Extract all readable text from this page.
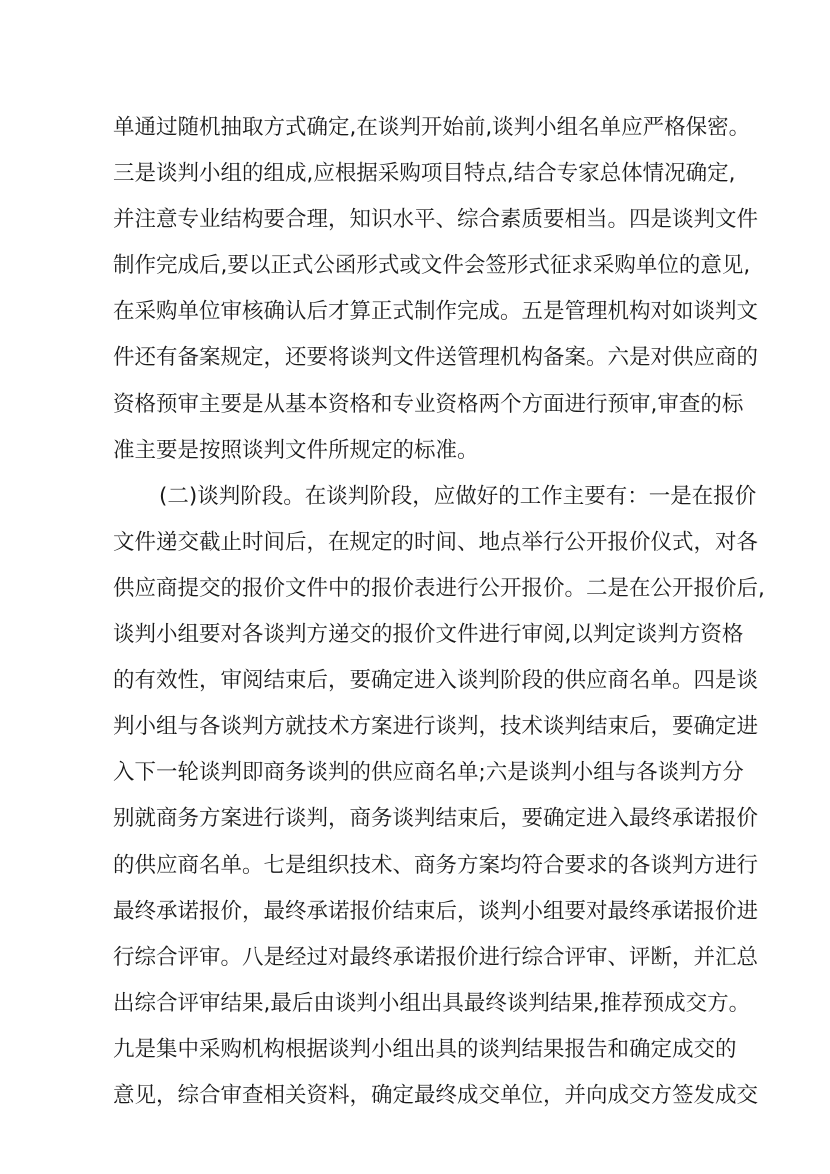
单通过随机抽取方式确定,在谈判开始前,谈判小组名单应严格保密。
三是谈判小组的组成,应根据采购项目特点,结合专家总体情况确定,
并注意专业结构要合理，知识水平、综合素质要相当。四是谈判文件
制作完成后,要以正式公函形式或文件会签形式征求采购单位的意见,
在采购单位审核确认后才算正式制作完成。五是管理机构对如谈判文
件还有备案规定，还要将谈判文件送管理机构备案。六是对供应商的
资格预审主要是从基本资格和专业资格两个方面进行预审,审查的标
准主要是按照谈判文件所规定的标准。
(二)谈判阶段。在谈判阶段，应做好的工作主要有：一是在报价
文件递交截止时间后，在规定的时间、地点举行公开报价仪式，对各
供应商提交的报价文件中的报价表进行公开报价。二是在公开报价后,
谈判小组要对各谈判方递交的报价文件进行审阅,以判定谈判方资格
的有效性，审阅结束后，要确定进入谈判阶段的供应商名单。四是谈
判小组与各谈判方就技术方案进行谈判，技术谈判结束后，要确定进
入下一轮谈判即商务谈判的供应商名单;六是谈判小组与各谈判方分
别就商务方案进行谈判，商务谈判结束后，要确定进入最终承诺报价
的供应商名单。七是组织技术、商务方案均符合要求的各谈判方进行
最终承诺报价，最终承诺报价结束后，谈判小组要对最终承诺报价进
行综合评审。八是经过对最终承诺报价进行综合评审、评断，并汇总
出综合评审结果,最后由谈判小组出具最终谈判结果,推荐预成交方。
九是集中采购机构根据谈判小组出具的谈判结果报告和确定成交的
意见，综合审查相关资料，确定最终成交单位，并向成交方签发成交
